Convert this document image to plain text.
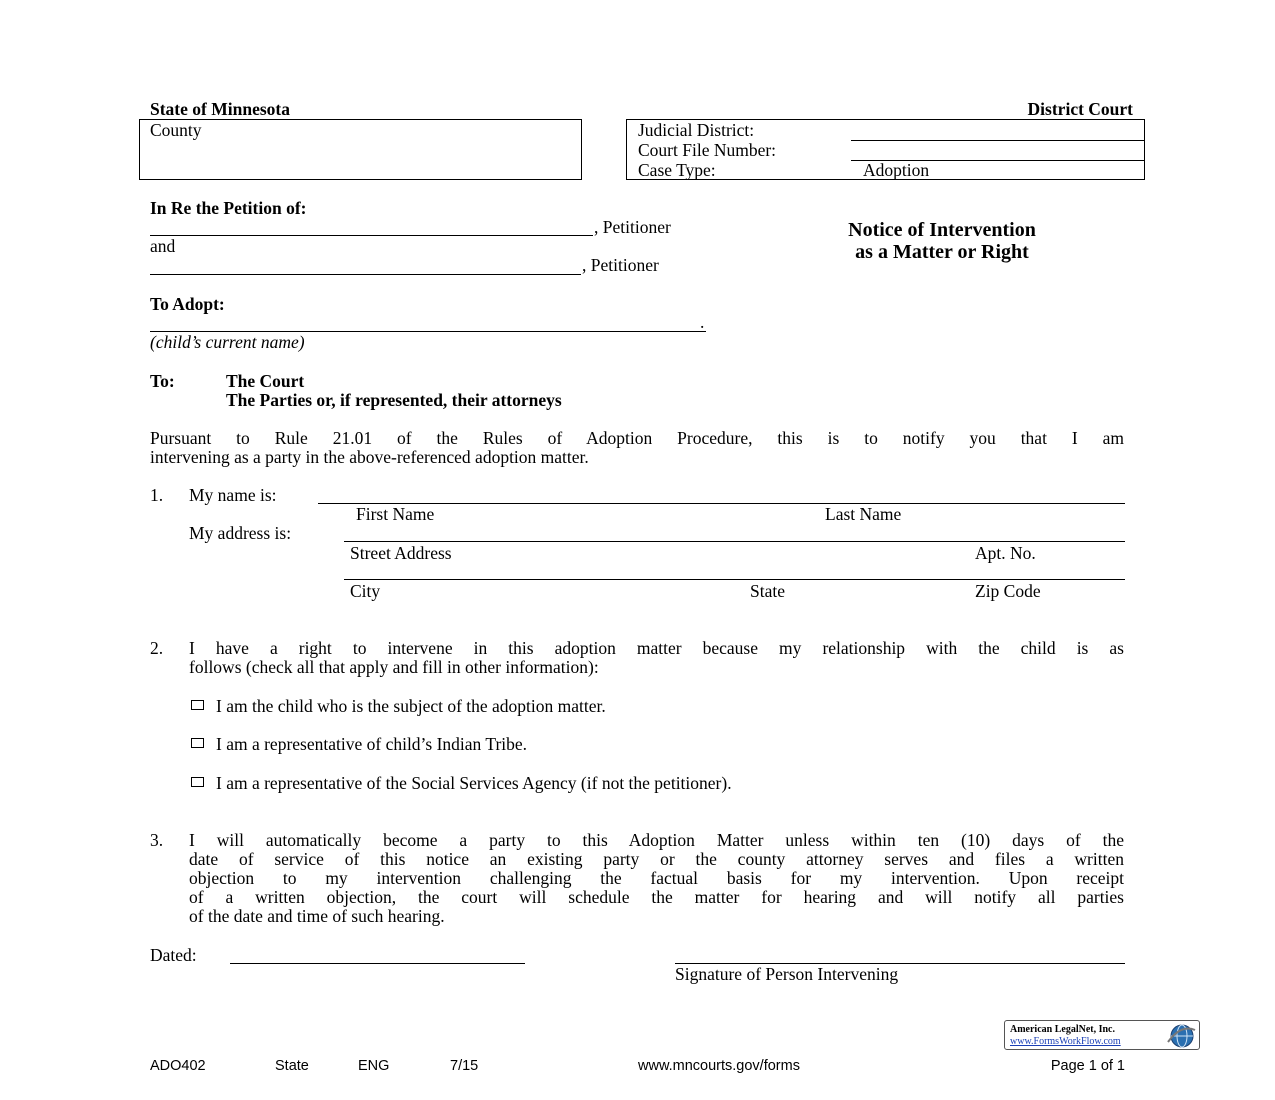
State of Minnesota	District Court
County	Judicial District:
Court File Number:
Case Type:	Adoption
In Re the Petition of:
, Petitioner
and
, Petitioner
To Adopt:
.
(child’s current name)
Notice of Intervention
as a Matter or Right
To:	The Court
The Parties or, if represented, their attorneys
Pursuant to Rule 21.01 of the Rules of Adoption Procedure, this is to notify you that I am
intervening as a party in the above-referenced adoption matter.
1. My name is:
First Name	Last Name
My address is:
Street Address	Apt. No.
City	State	Zip Code
2. I have a right to intervene in this adoption matter because my relationship with the child is as
follows (check all that apply and fill in other information):
I am the child who is the subject of the adoption matter.
I am a representative of child’s Indian Tribe.
I am a representative of the Social Services Agency (if not the petitioner).
3. I will automatically become a party to this Adoption Matter unless within ten (10) days of the
date of service of this notice an existing party or the county attorney serves and files a written
objection to my intervention challenging the factual basis for my intervention. Upon receipt
of a written objection, the court will schedule the matter for hearing and will notify all parties
of the date and time of such hearing.
Dated:
Signature of Person Intervening
American LegalNet, Inc.
www.FormsWorkFlow.com
ADO402	State	ENG	7/15	www.mncourts.gov/forms	Page 1 of 1
